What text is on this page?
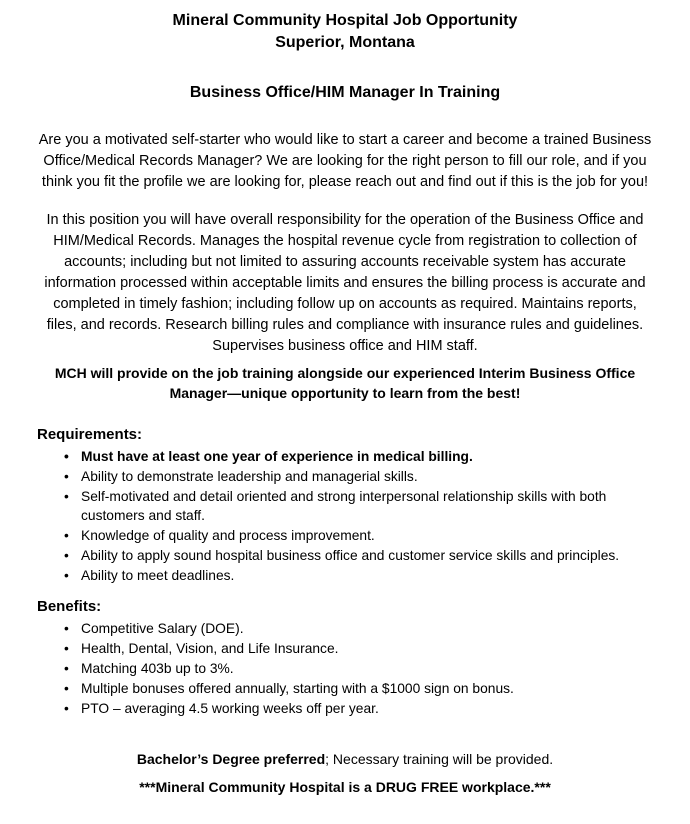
Mineral Community Hospital Job Opportunity
Superior, Montana
Business Office/HIM Manager In Training
Are you a motivated self-starter who would like to start a career and become a trained Business Office/Medical Records Manager? We are looking for the right person to fill our role, and if you think you fit the profile we are looking for, please reach out and find out if this is the job for you!
In this position you will have overall responsibility for the operation of the Business Office and HIM/Medical Records. Manages the hospital revenue cycle from registration to collection of accounts; including but not limited to assuring accounts receivable system has accurate information processed within acceptable limits and ensures the billing process is accurate and completed in timely fashion; including follow up on accounts as required. Maintains reports, files, and records. Research billing rules and compliance with insurance rules and guidelines. Supervises business office and HIM staff.
MCH will provide on the job training alongside our experienced Interim Business Office Manager—unique opportunity to learn from the best!
Requirements:
• Must have at least one year of experience in medical billing.
• Ability to demonstrate leadership and managerial skills.
• Self-motivated and detail oriented and strong interpersonal relationship skills with both customers and staff.
• Knowledge of quality and process improvement.
• Ability to apply sound hospital business office and customer service skills and principles.
• Ability to meet deadlines.
Benefits:
• Competitive Salary (DOE).
• Health, Dental, Vision, and Life Insurance.
• Matching 403b up to 3%.
• Multiple bonuses offered annually, starting with a $1000 sign on bonus.
• PTO – averaging 4.5 working weeks off per year.
Bachelor’s Degree preferred; Necessary training will be provided.
***Mineral Community Hospital is a DRUG FREE workplace.***
